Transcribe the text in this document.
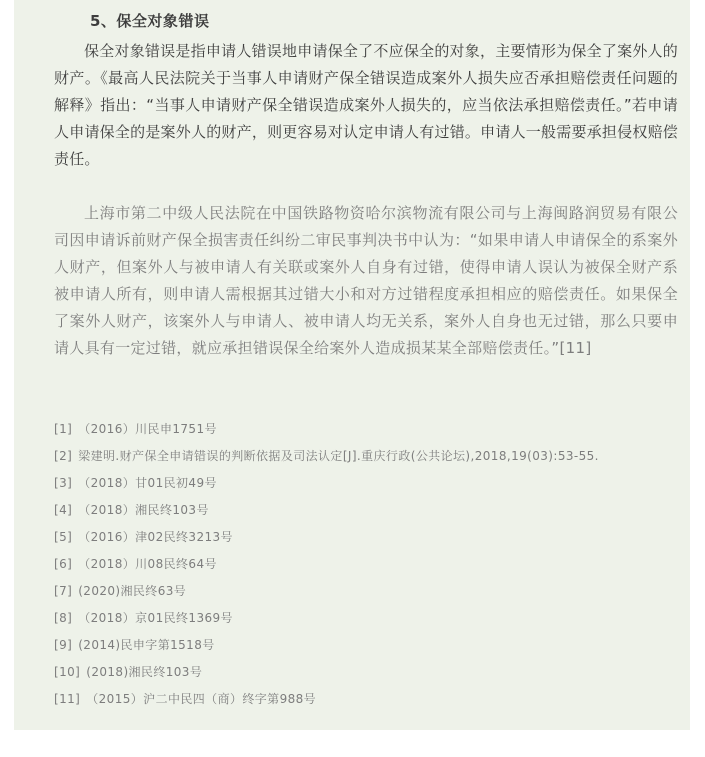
5、保全对象错误

保全对象错误是指申请人错误地申请保全了不应保全的对象，主要情形为保全了案外人的财产。《最高人民法院关于当事人申请财产保全错误造成案外人损失应否承担赔偿责任问题的解释》指出：“当事人申请财产保全错误造成案外人损失的，应当依法承担赔偿责任。”若申请人申请保全的是案外人的财产，则更容易对认定申请人有过错。申请人一般需要承担侵权赔偿责任。

上海市第二中级人民法院在中国铁路物资哈尔滨物流有限公司与上海闽路润贸易有限公司因申请诉前财产保全损害责任纠纷二审民事判决书中认为：“如果申请人申请保全的系案外人财产，但案外人与被申请人有关联或案外人自身有过错，使得申请人误认为被保全财产系被申请人所有，则申请人需根据其过错大小和对方过错程度承担相应的赔偿责任。如果保全了案外人财产，该案外人与申请人、被申请人均无关系，案外人自身也无过错，那么只要申请人具有一定过错，就应承担错误保全给案外人造成损某某全部赔偿责任。”[11]

[1] （2016）川民申1751号
[2] 梁建明.财产保全申请错误的判断依据及司法认定[J].重庆行政(公共论坛),2018,19(03):53-55.
[3] （2018）甘01民初49号
[4] （2018）湘民终103号
[5] （2016）津02民终3213号
[6] （2018）川08民终64号
[7] (2020)湘民终63号
[8] （2018）京01民终1369号
[9] (2014)民申字第1518号
[10] (2018)湘民终103号
[11] （2015）沪二中民四（商）终字第988号
